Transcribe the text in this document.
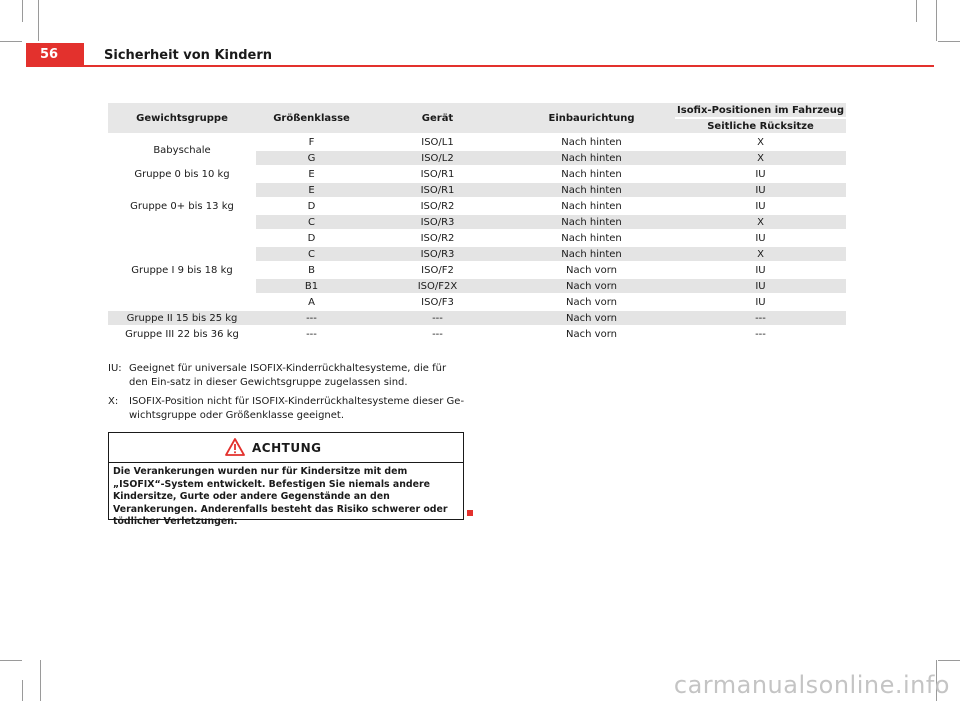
56	Sicherheit von Kindern
Gewichtsgruppe	Größenklasse	Gerät	Einbaurichtung	Isofix-Positionen im Fahrzeug
				Seitliche Rücksitze
Babyschale	F	ISO/L1	Nach hinten	X
	G	ISO/L2	Nach hinten	X
Gruppe 0 bis 10 kg	E	ISO/R1	Nach hinten	IU
Gruppe 0+ bis 13 kg	E	ISO/R1	Nach hinten	IU
	D	ISO/R2	Nach hinten	IU
	C	ISO/R3	Nach hinten	X
Gruppe I 9 bis 18 kg	D	ISO/R2	Nach hinten	IU
	C	ISO/R3	Nach hinten	X
	B	ISO/F2	Nach vorn	IU
	B1	ISO/F2X	Nach vorn	IU
	A	ISO/F3	Nach vorn	IU
Gruppe II 15 bis 25 kg	---	---	Nach vorn	---
Gruppe III 22 bis 36 kg	---	---	Nach vorn	---
IU: Geeignet für universale ISOFIX-Kinderrückhaltesysteme, die für den Ein-satz in dieser Gewichtsgruppe zugelassen sind.
X:	ISOFIX-Position nicht für ISOFIX-Kinderrückhaltesysteme dieser Ge-wichtsgruppe oder Größenklasse geeignet.
ACHTUNG
Die Verankerungen wurden nur für Kindersitze mit dem „ISOFIX“-System entwickelt. Befestigen Sie niemals andere Kindersitze, Gurte oder andere Gegenstände an den Verankerungen. Anderenfalls besteht das Risiko schwerer oder tödlicher Verletzungen.
carmanualsonline.info
